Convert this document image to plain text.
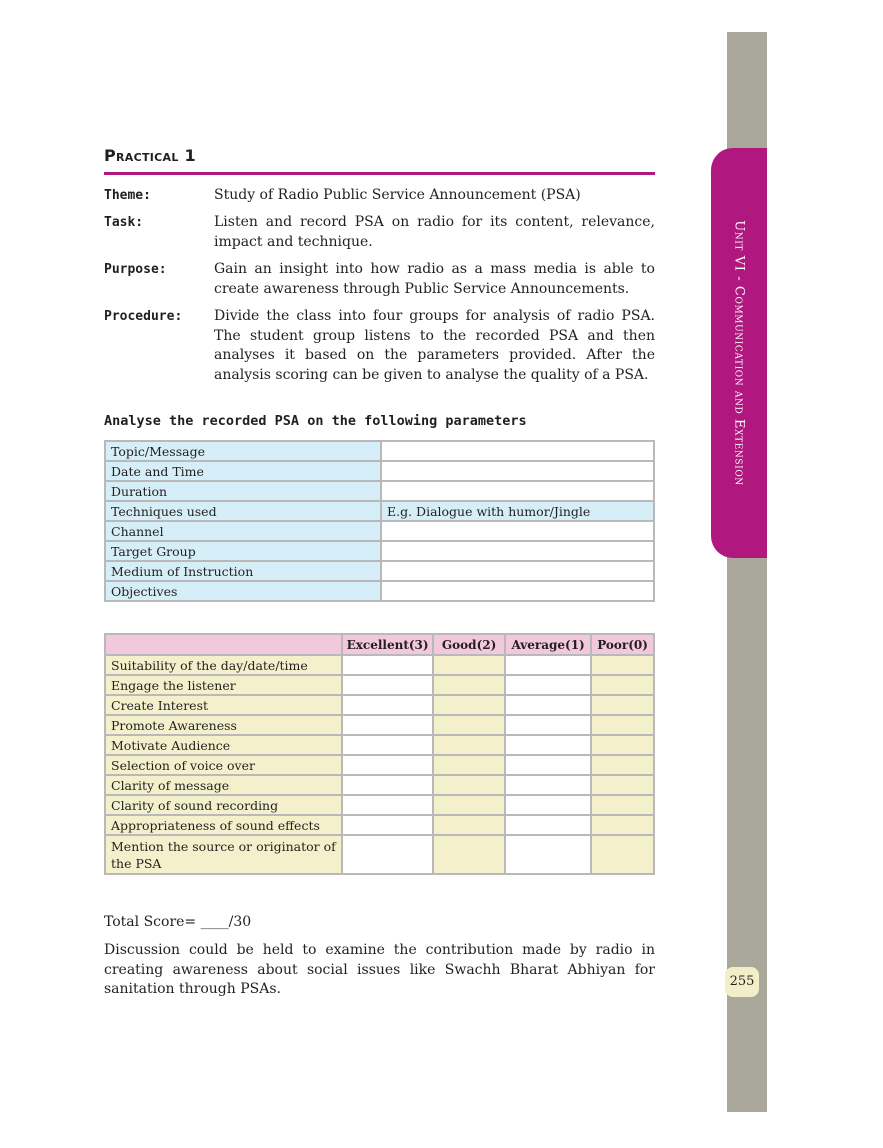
Unit VI - Communication and Extension
255
Practical 1
Theme:	Study of Radio Public Service Announcement (PSA)
Task:	Listen and record PSA on radio for its content, relevance, impact and technique.
Purpose:	Gain an insight into how radio as a mass media is able to create awareness through Public Service Announcements.
Procedure:	Divide the class into four groups for analysis of radio PSA. The student group listens to the recorded PSA and then analyses it based on the parameters provided. After the analysis scoring can be given to analyse the quality of a PSA.
Analyse the recorded PSA on the following parameters
Topic/Message	
Date and Time	
Duration	
Techniques used	E.g. Dialogue with humor/Jingle
Channel	
Target Group	
Medium of Instruction	
Objectives	
	Excellent(3)	Good(2)	Average(1)	Poor(0)
Suitability of the day/date/time				
Engage the listener				
Create Interest				
Promote Awareness				
Motivate Audience				
Selection of voice over				
Clarity of message				
Clarity of sound recording				
Appropriateness of sound effects				
Mention the source or originator of the PSA				
Total Score= ____/30
Discussion could be held to examine the contribution made by radio in creating awareness about social issues like Swachh Bharat Abhiyan for sanitation through PSAs.
